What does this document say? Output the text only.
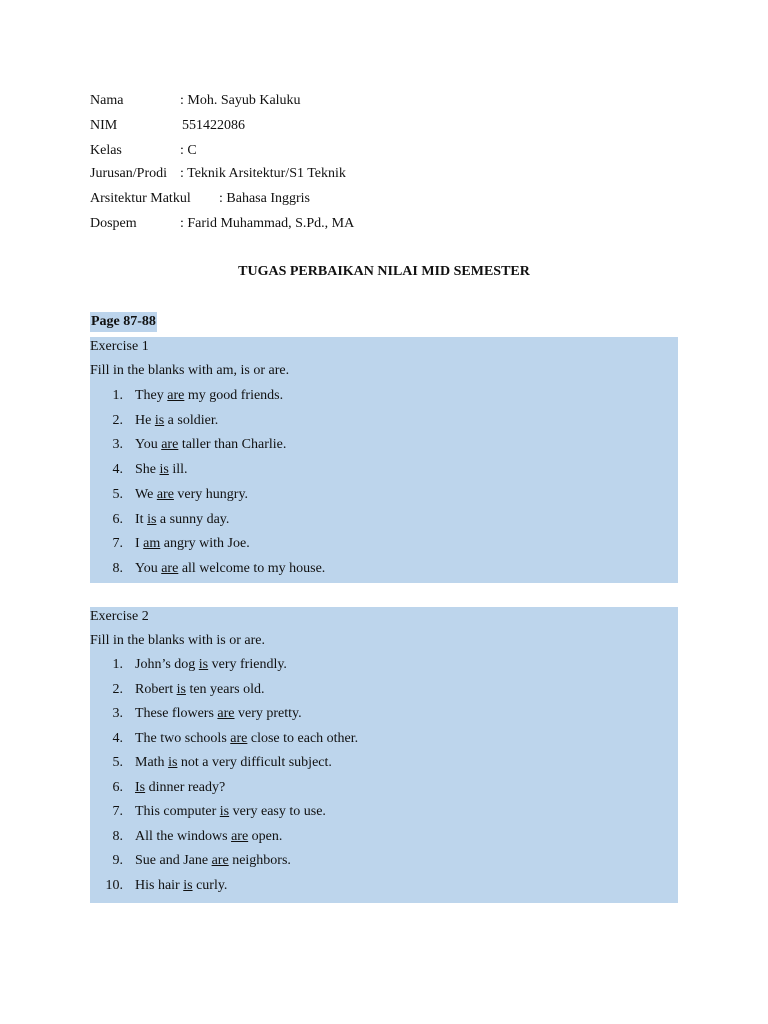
Nama	: Moh. Sayub Kaluku
NIM	551422086
Kelas	: C
Jurusan/Prodi : Teknik Arsitektur/S1 Teknik
Arsitektur Matkul : Bahasa Inggris
Dospem	: Farid Muhammad, S.Pd., MA
TUGAS PERBAIKAN NILAI MID SEMESTER
Page 87-88
Exercise 1
Fill in the blanks with am, is or are.
1. They are my good friends.
2. He is a soldier.
3. You are taller than Charlie.
4. She is ill.
5. We are very hungry.
6. It is a sunny day.
7. I am angry with Joe.
8. You are all welcome to my house.
Exercise 2
Fill in the blanks with is or are.
1. John’s dog is very friendly.
2. Robert is ten years old.
3. These flowers are very pretty.
4. The two schools are close to each other.
5. Math is not a very difficult subject.
6. Is dinner ready?
7. This computer is very easy to use.
8. All the windows are open.
9. Sue and Jane are neighbors.
10. His hair is curly.
